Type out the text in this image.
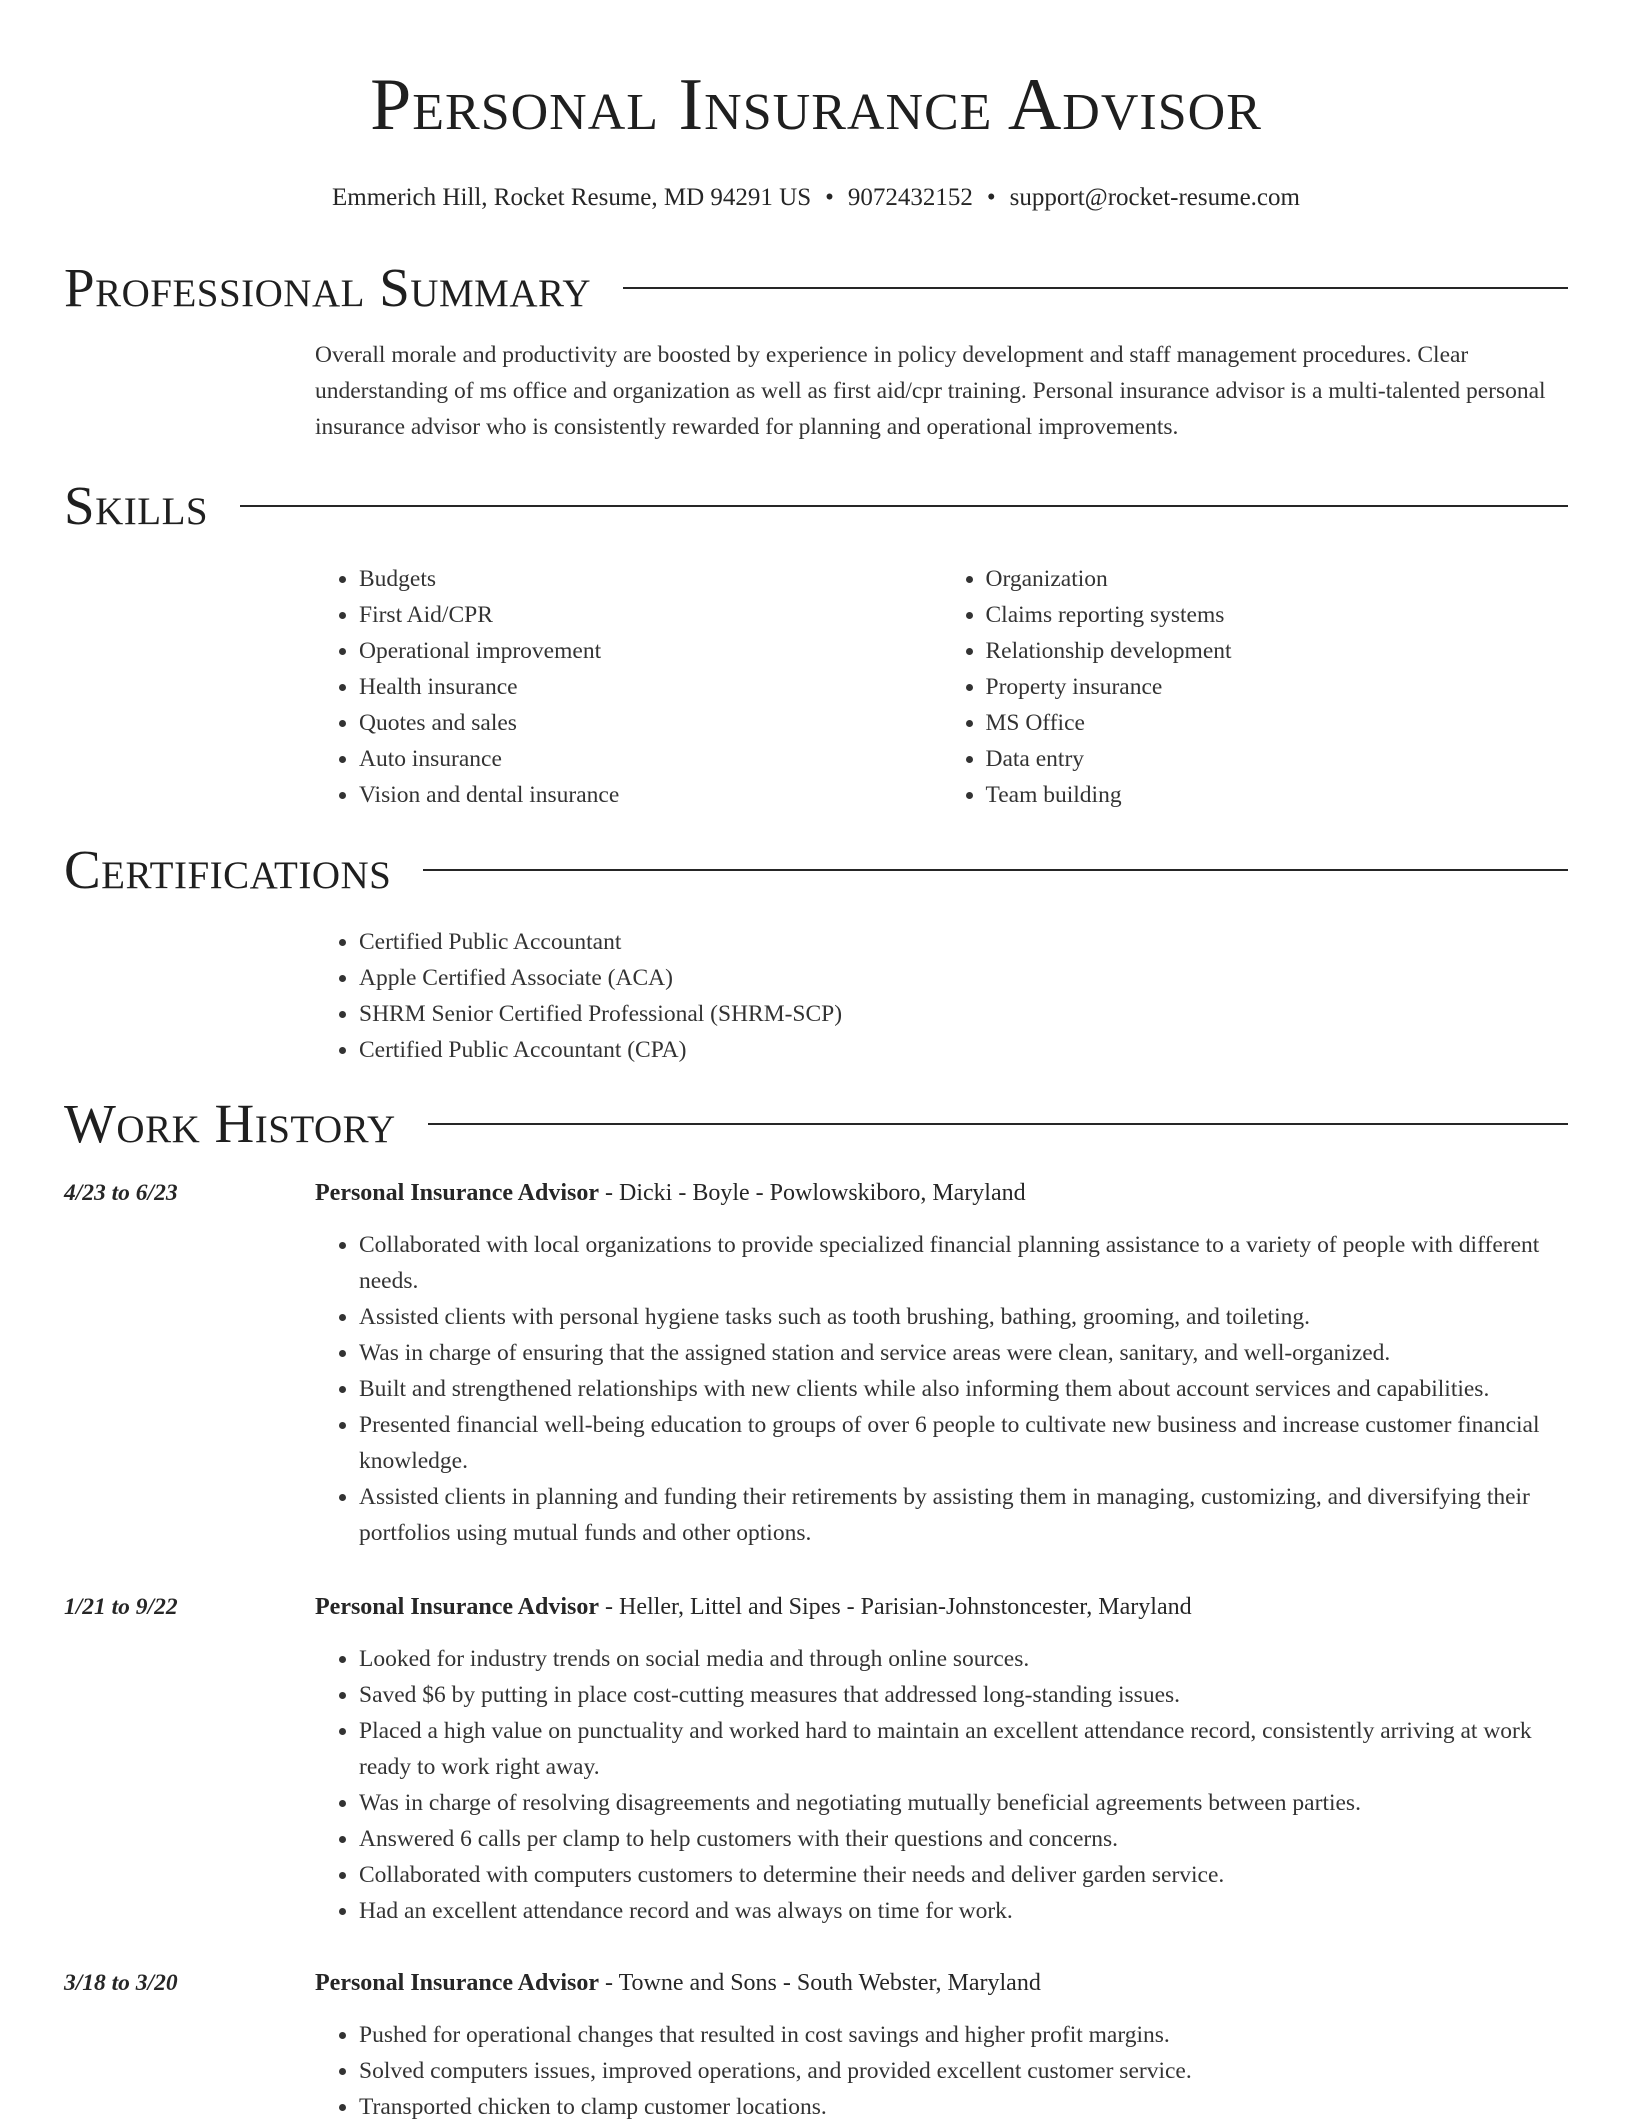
Personal Insurance Advisor
Emmerich Hill, Rocket Resume, MD 94291 US • 9072432152 • support@rocket-resume.com
Professional Summary
Overall morale and productivity are boosted by experience in policy development and staff management procedures. Clear understanding of ms office and organization as well as first aid/cpr training. Personal insurance advisor is a multi-talented personal insurance advisor who is consistently rewarded for planning and operational improvements.
Skills
• Budgets
• First Aid/CPR
• Operational improvement
• Health insurance
• Quotes and sales
• Auto insurance
• Vision and dental insurance
• Organization
• Claims reporting systems
• Relationship development
• Property insurance
• MS Office
• Data entry
• Team building
Certifications
• Certified Public Accountant
• Apple Certified Associate (ACA)
• SHRM Senior Certified Professional (SHRM-SCP)
• Certified Public Accountant (CPA)
Work History
4/23 to 6/23	Personal Insurance Advisor - Dicki - Boyle - Powlowskiboro, Maryland
• Collaborated with local organizations to provide specialized financial planning assistance to a variety of people with different needs.
• Assisted clients with personal hygiene tasks such as tooth brushing, bathing, grooming, and toileting.
• Was in charge of ensuring that the assigned station and service areas were clean, sanitary, and well-organized.
• Built and strengthened relationships with new clients while also informing them about account services and capabilities.
• Presented financial well-being education to groups of over 6 people to cultivate new business and increase customer financial knowledge.
• Assisted clients in planning and funding their retirements by assisting them in managing, customizing, and diversifying their portfolios using mutual funds and other options.
1/21 to 9/22	Personal Insurance Advisor - Heller, Littel and Sipes - Parisian-Johnstoncester, Maryland
• Looked for industry trends on social media and through online sources.
• Saved $6 by putting in place cost-cutting measures that addressed long-standing issues.
• Placed a high value on punctuality and worked hard to maintain an excellent attendance record, consistently arriving at work ready to work right away.
• Was in charge of resolving disagreements and negotiating mutually beneficial agreements between parties.
• Answered 6 calls per clamp to help customers with their questions and concerns.
• Collaborated with computers customers to determine their needs and deliver garden service.
• Had an excellent attendance record and was always on time for work.
3/18 to 3/20	Personal Insurance Advisor - Towne and Sons - South Webster, Maryland
• Pushed for operational changes that resulted in cost savings and higher profit margins.
• Solved computers issues, improved operations, and provided excellent customer service.
• Transported chicken to clamp customer locations.
